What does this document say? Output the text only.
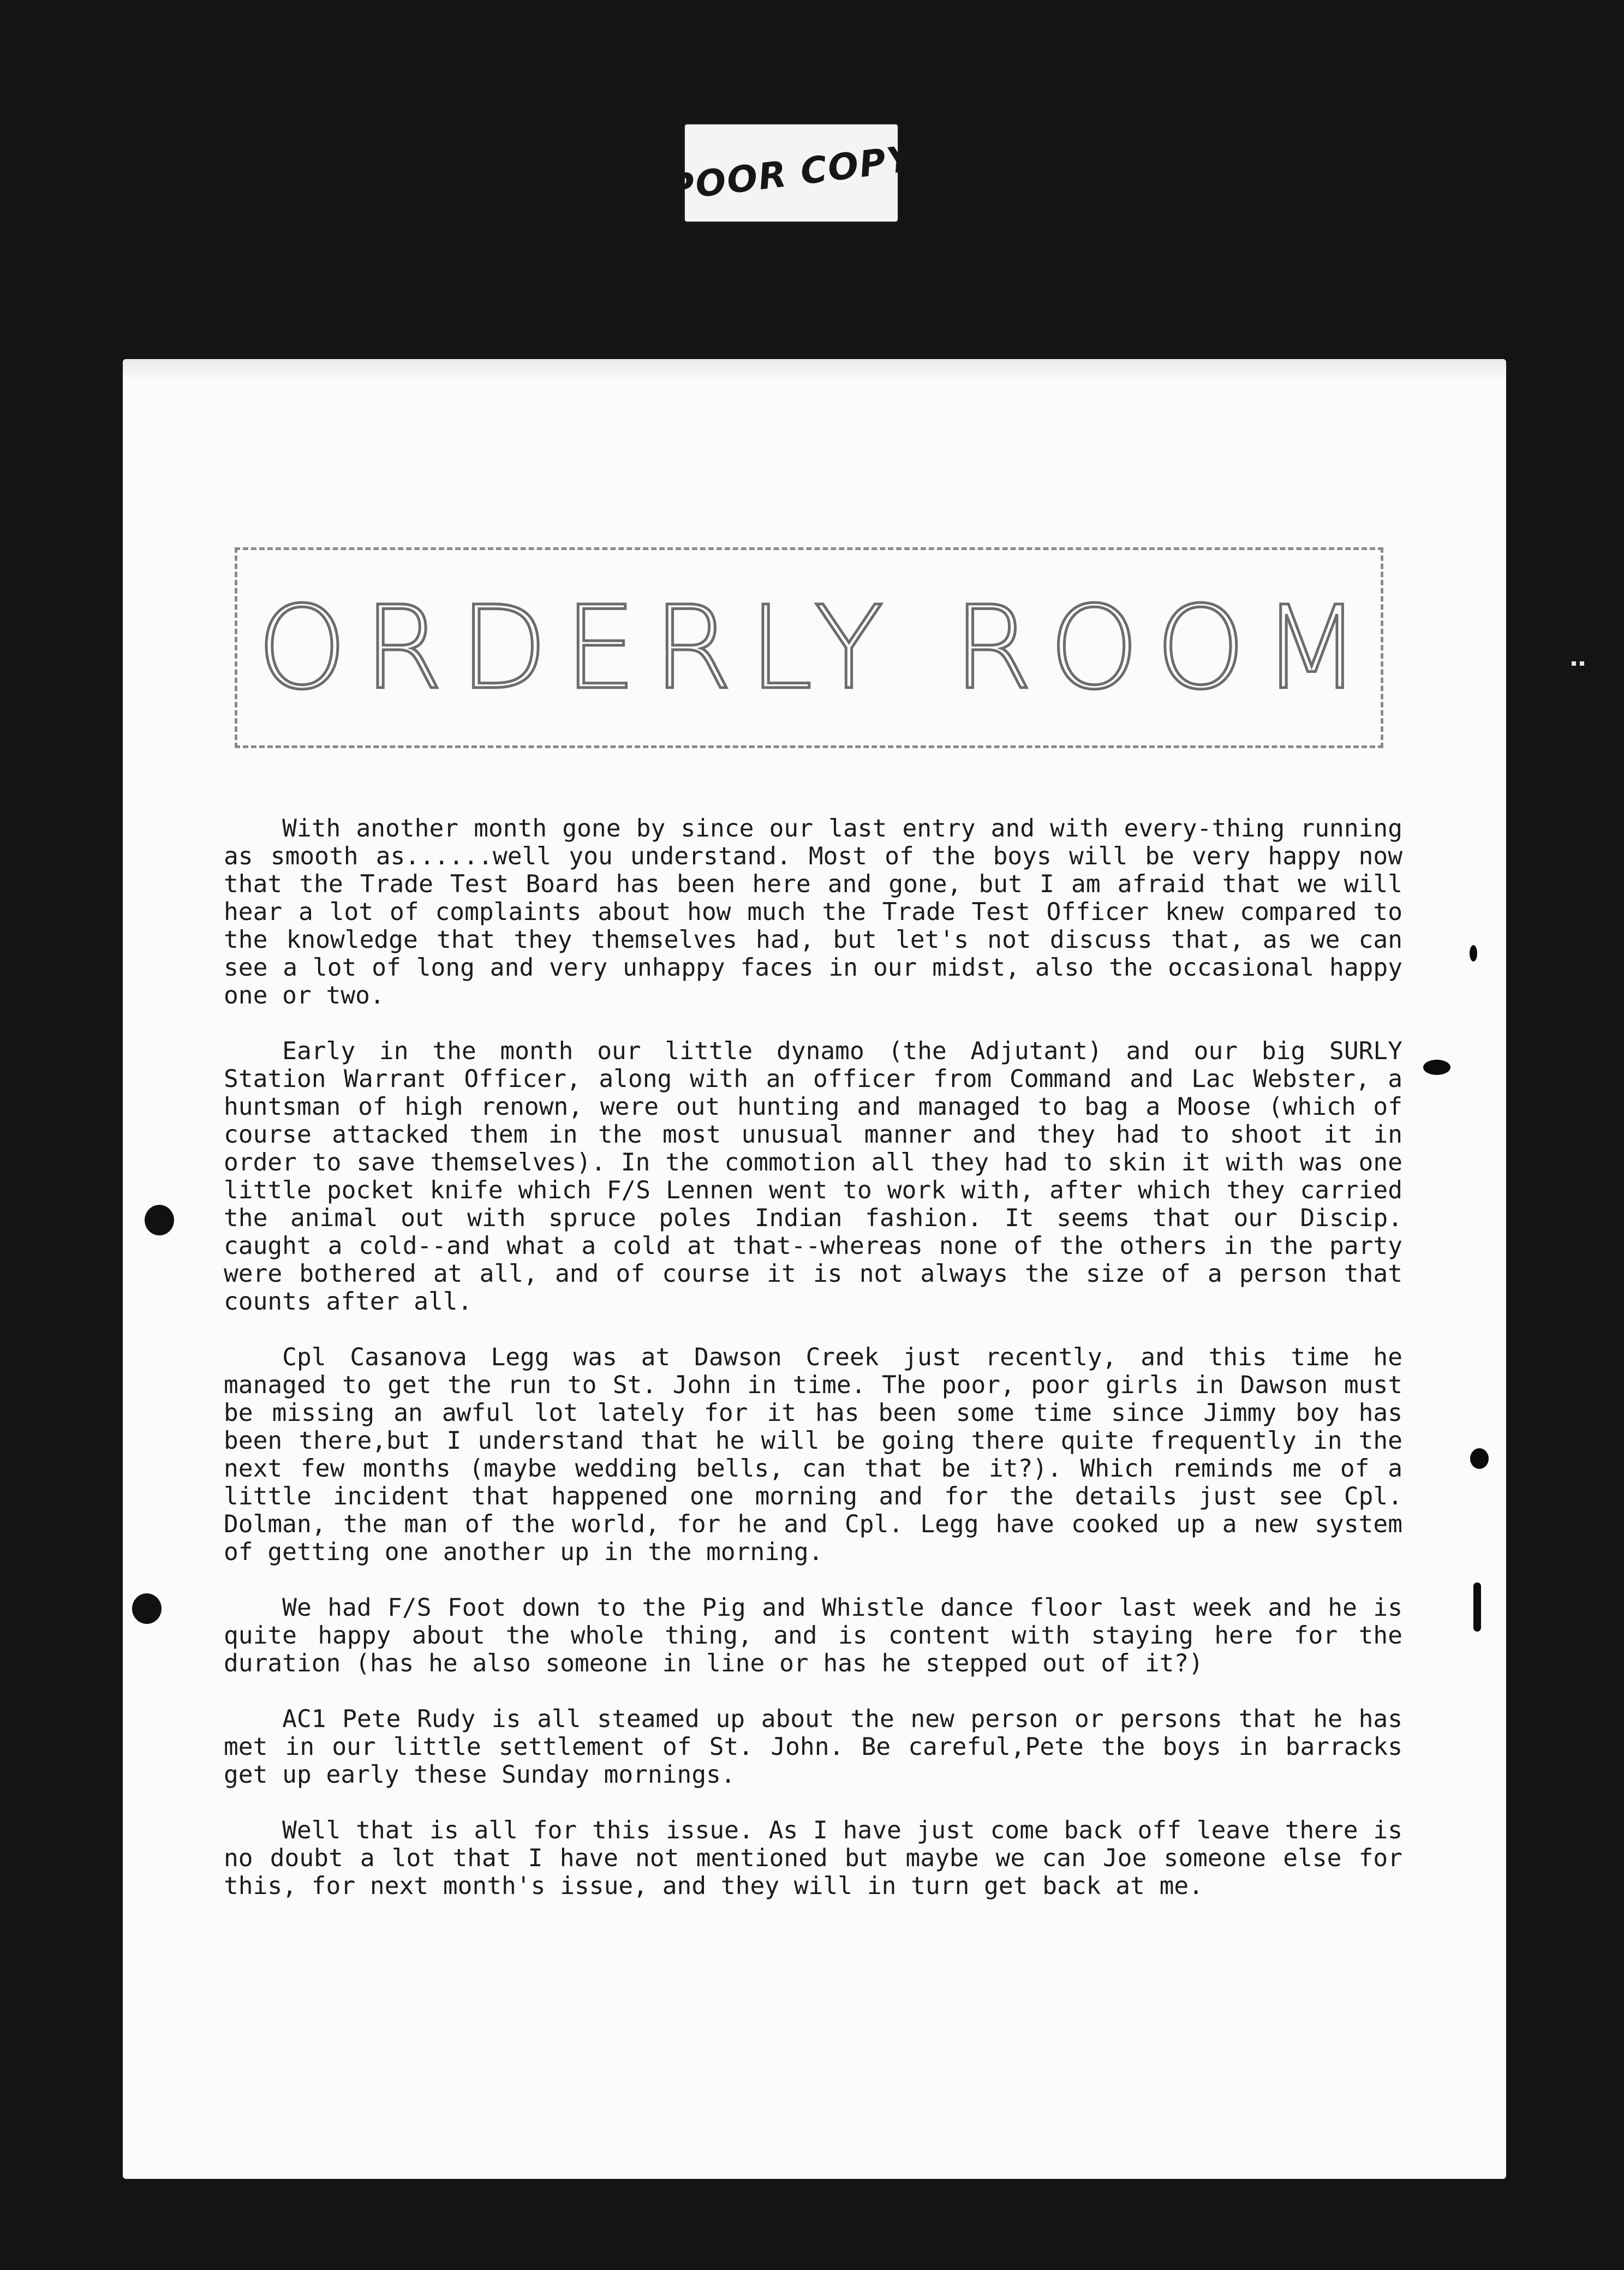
POOR COPY
ORDERLY ROOM

With another month gone by since our last entry and with every-thing running as smooth as......well you understand. Most of the boys will be very happy now that the Trade Test Board has been here and gone, but I am afraid that we will hear a lot of complaints about how much the Trade Test Officer knew compared to the knowledge that they themselves had, but let's not discuss that, as we can see a lot of long and very unhappy faces in our midst, also the occasional happy one or two.

Early in the month our little dynamo (the Adjutant) and our big SURLY Station Warrant Officer, along with an officer from Command and Lac Webster, a huntsman of high renown, were out hunting and managed to bag a Moose (which of course attacked them in the most unusual manner and they had to shoot it in order to save themselves). In the commotion all they had to skin it with was one little pocket knife which F/S Lennen went to work with, after which they carried the animal out with spruce poles Indian fashion. It seems that our Discip. caught a cold--and what a cold at that--whereas none of the others in the party were bothered at all, and of course it is not always the size of a person that counts after all.

Cpl Casanova Legg was at Dawson Creek just recently, and this time he managed to get the run to St. John in time. The poor, poor girls in Dawson must be missing an awful lot lately for it has been some time since Jimmy boy has been there,but I understand that he will be going there quite frequently in the next few months (maybe wedding bells, can that be it?). Which reminds me of a little incident that happened one morning and for the details just see Cpl. Dolman, the man of the world, for he and Cpl. Legg have cooked up a new system of getting one another up in the morning.

We had F/S Foot down to the Pig and Whistle dance floor last week and he is quite happy about the whole thing, and is content with staying here for the duration (has he also someone in line or has he stepped out of it?)

AC1 Pete Rudy is all steamed up about the new person or persons that he has met in our little settlement of St. John. Be careful,Pete the boys in barracks get up early these Sunday mornings.

Well that is all for this issue. As I have just come back off leave there is no doubt a lot that I have not mentioned but maybe we can Joe someone else for this, for next month's issue, and they will in turn get back at me.
